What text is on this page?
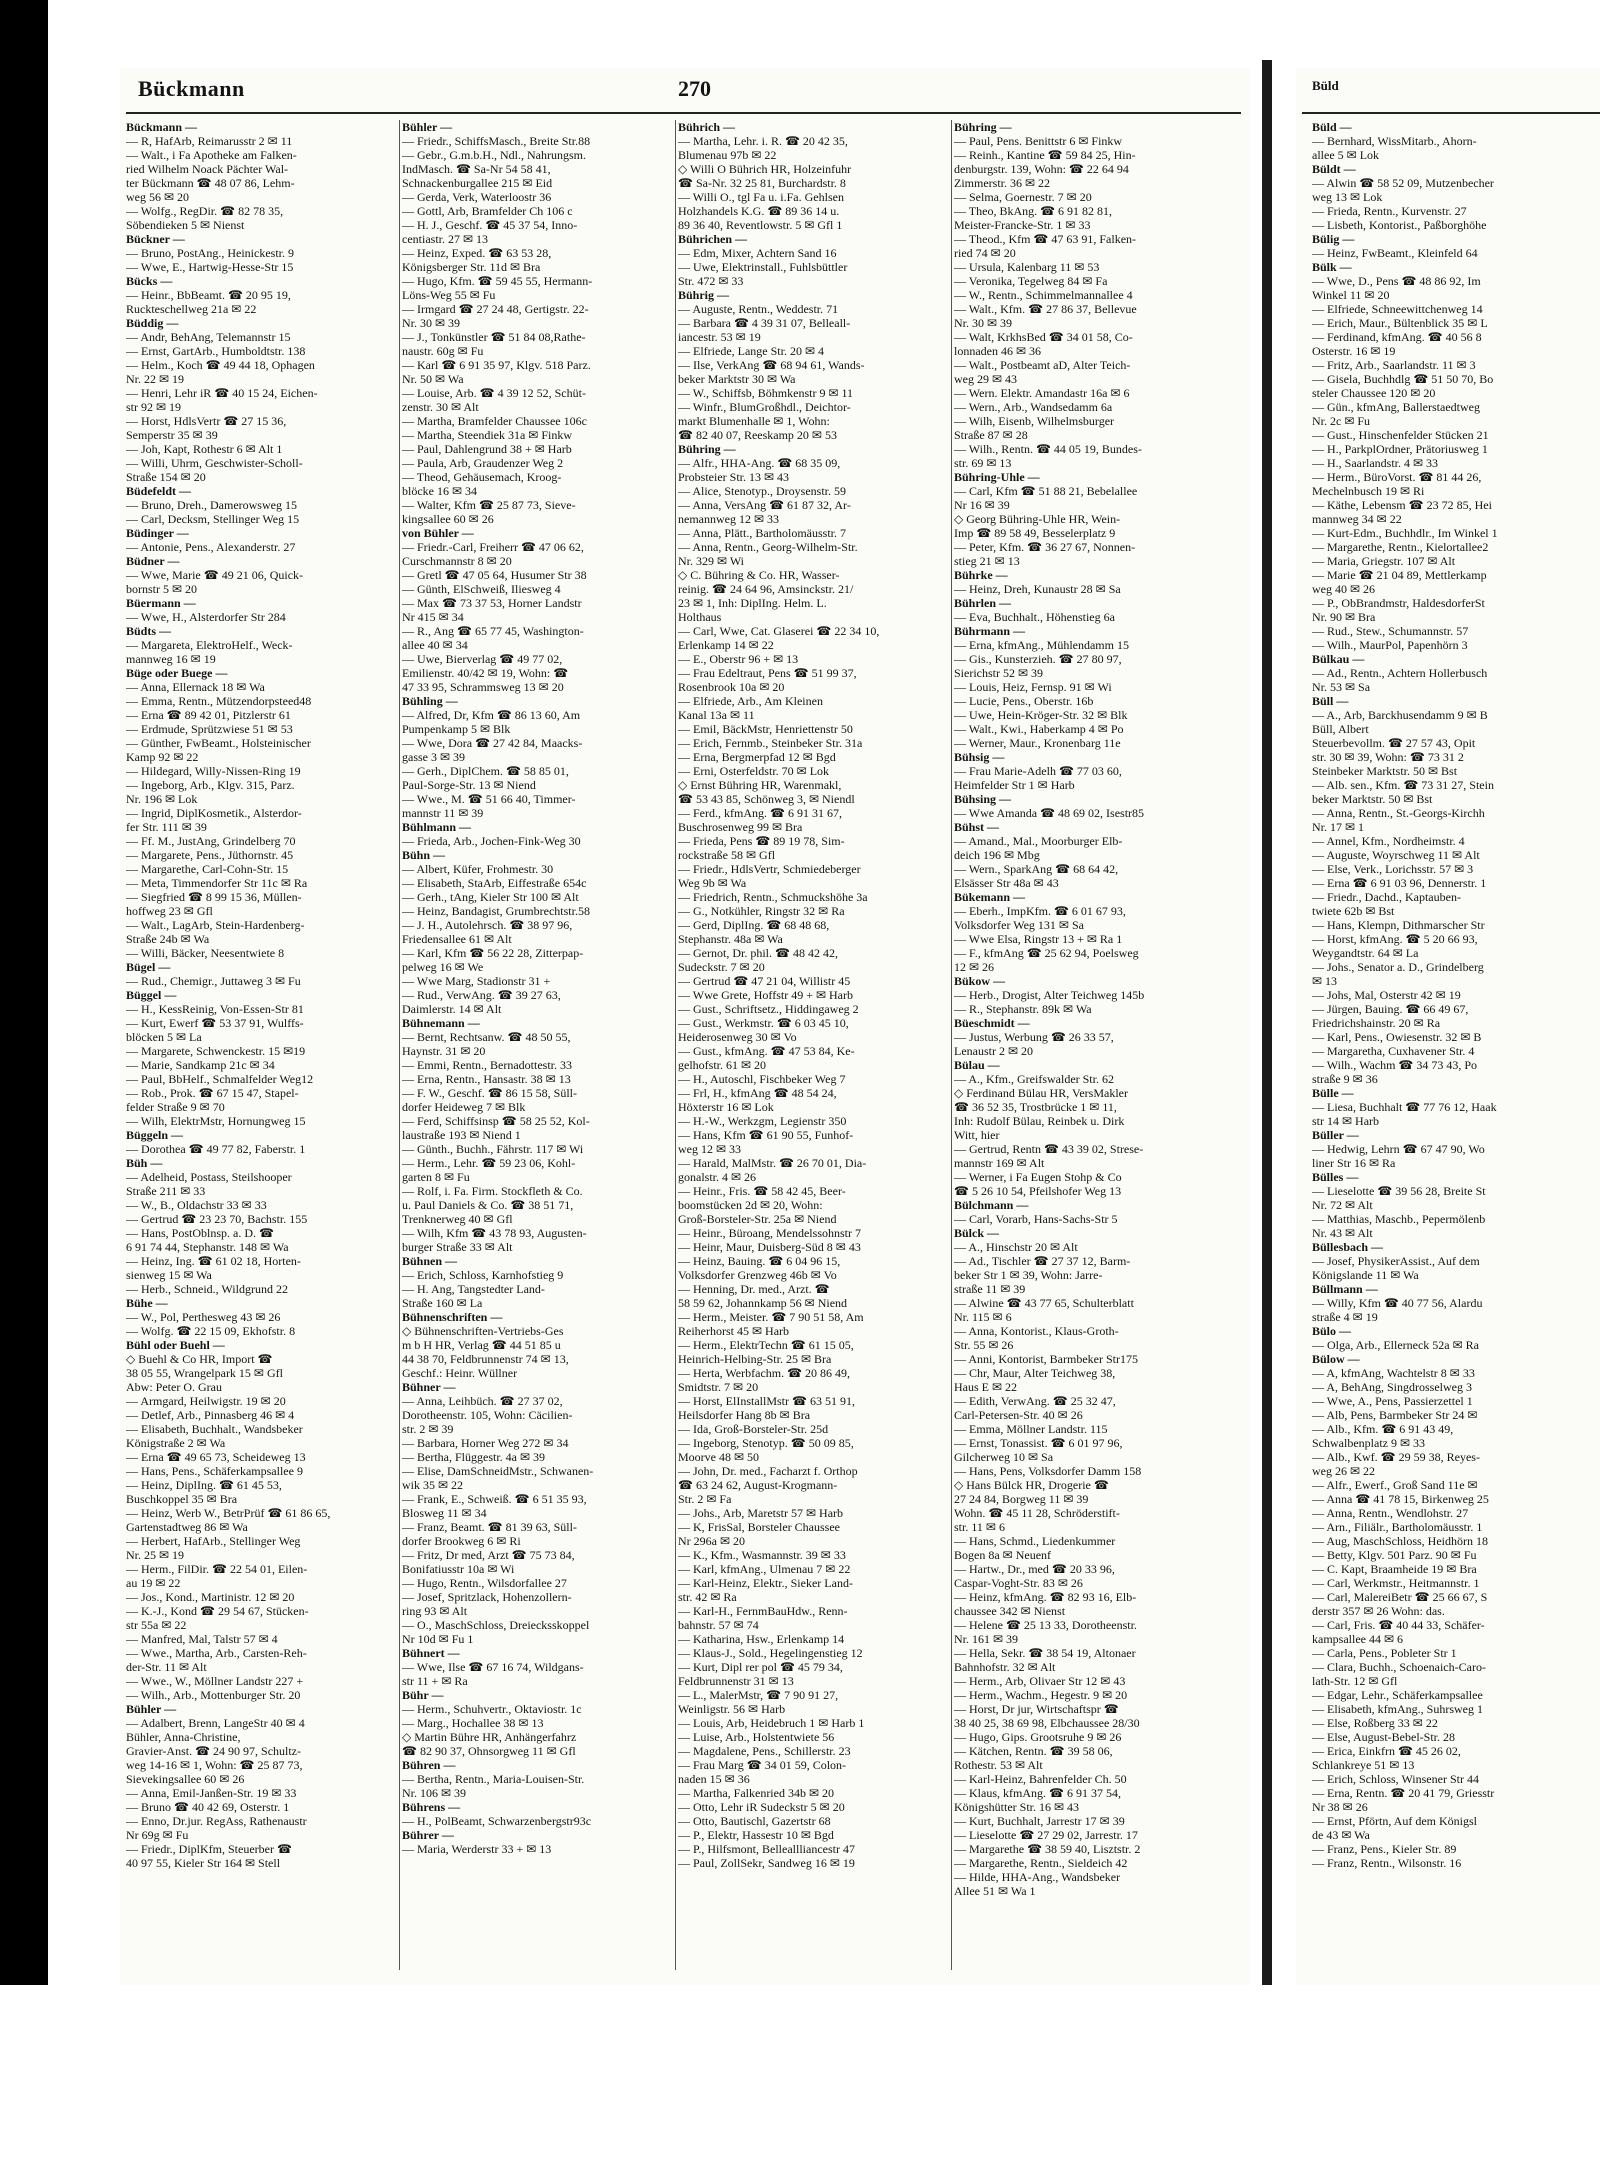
Bückmann	270
Bückmann —
— R, HafArb, Reimarusstr 2 ✉ 11
— Walt., i Fa Apotheke am Falken-
ried Wilhelm Noack Pächter Wal-
ter Bückmann ☎ 48 07 86, Lehm-
weg 56 ✉ 20
— Wolfg., RegDir. ☎ 82 78 35,
Söbendieken 5 ✉ Nienst
Bückner —
— Bruno, PostAng., Heinickestr. 9
— Wwe, E., Hartwig-Hesse-Str 15
Bücks —
— Heinr., BbBeamt. ☎ 20 95 19,
Ruckteschellweg 21a ✉ 22
Büddig —
— Andr, BehAng, Telemannstr 15
— Ernst, GartArb., Humboldtstr. 138
— Helm., Koch ☎ 49 44 18, Ophagen
Nr. 22 ✉ 19
— Henri, Lehr iR ☎ 40 15 24, Eichen-
str 92 ✉ 19
— Horst, HdlsVertr ☎ 27 15 36,
Semperstr 35 ✉ 39
— Joh, Kapt, Rothestr 6 ✉ Alt 1
— Willi, Uhrm, Geschwister-Scholl-
Straße 154 ✉ 20
Büdefeldt —
— Bruno, Dreh., Damerowsweg 15
— Carl, Decksm, Stellinger Weg 15
Büdinger —
— Antonie, Pens., Alexanderstr. 27
Büdner —
— Wwe, Marie ☎ 49 21 06, Quick-
bornstr 5 ✉ 20
Büermann —
— Wwe, H., Alsterdorfer Str 284
Büdts —
— Margareta, ElektroHelf., Weck-
mannweg 16 ✉ 19
Büge oder Buege —
— Anna, Ellernack 18 ✉ Wa
— Emma, Rentn., Mützendorpsteed48
— Erna ☎ 89 42 01, Pitzlerstr 61
— Erdmude, Sprützwiese 51 ✉ 53
— Günther, FwBeamt., Holsteinischer
Kamp 92 ✉ 22
— Hildegard, Willy-Nissen-Ring 19
— Ingeborg, Arb., Klgv. 315, Parz.
Nr. 196 ✉ Lok
— Ingrid, DiplKosmetik., Alsterdor-
fer Str. 111 ✉ 39
— Ff. M., JustAng, Grindelberg 70
— Margarete, Pens., Jüthornstr. 45
— Margarethe, Carl-Cohn-Str. 15
— Meta, Timmendorfer Str 11c ✉ Ra
— Siegfried ☎ 8 99 15 36, Müllen-
hoffweg 23 ✉ Gfl
— Walt., LagArb, Stein-Hardenberg-
Straße 24b ✉ Wa
— Willi, Bäcker, Neesentwiete 8
Bügel —
— Rud., Chemigr., Juttaweg 3 ✉ Fu
Büggel —
— H., KessReinig, Von-Essen-Str 81
— Kurt, Ewerf ☎ 53 37 91, Wulffs-
blöcken 5 ✉ La
— Margarete, Schwenckestr. 15 ✉19
— Marie, Sandkamp 21c ✉ 34
— Paul, BbHelf., Schmalfelder Weg12
— Rob., Prok. ☎ 67 15 47, Stapel-
felder Straße 9 ✉ 70
— Wilh, ElektrMstr, Hornungweg 15
Büggeln —
— Dorothea ☎ 49 77 82, Faberstr. 1
Büh —
— Adelheid, Postass, Steilshooper
Straße 211 ✉ 33
— W., B., Oldachstr 33 ✉ 33
— Gertrud ☎ 23 23 70, Bachstr. 155
— Hans, PostOblnsp. a. D. ☎
6 91 74 44, Stephanstr. 148 ✉ Wa
— Heinz, Ing. ☎ 61 02 18, Horten-
sienweg 15 ✉ Wa
— Herb., Schneid., Wildgrund 22
Bühe —
— W., Pol, Perthesweg 43 ✉ 26
— Wolfg. ☎ 22 15 09, Ekhofstr. 8
Bühl oder Buehl —
◇ Buehl & Co HR, Import ☎
38 05 55, Wrangelpark 15 ✉ Gfl
Abw: Peter O. Grau
— Armgard, Heilwigstr. 19 ✉ 20
— Detlef, Arb., Pinnasberg 46 ✉ 4
— Elisabeth, Buchhalt., Wandsbeker
Königstraße 2 ✉ Wa
— Erna ☎ 49 65 73, Scheideweg 13
— Hans, Pens., Schäferkampsallee 9
— Heinz, DiplIng. ☎ 61 45 53,
Buschkoppel 35 ✉ Bra
— Heinz, Werb W., BetrPrüf ☎ 61 86 65,
Gartenstadtweg 86 ✉ Wa
— Herbert, HafArb., Stellinger Weg
Nr. 25 ✉ 19
— Herm., FilDir. ☎ 22 54 01, Eilen-
au 19 ✉ 22
— Jos., Kond., Martinistr. 12 ✉ 20
— K.-J., Kond ☎ 29 54 67, Stücken-
str 55a ✉ 22
— Manfred, Mal, Talstr 57 ✉ 4
— Wwe., Martha, Arb., Carsten-Reh-
der-Str. 11 ✉ Alt
— Wwe., W., Möllner Landstr 227 +
— Wilh., Arb., Mottenburger Str. 20
Bühler —
— Adalbert, Brenn, LangeStr 40 ✉ 4
Bühler, Anna-Christine,
Gravier-Anst. ☎ 24 90 97, Schultz-
weg 14-16 ✉ 1, Wohn: ☎ 25 87 73,
Sievekingsallee 60 ✉ 26
— Anna, Emil-Janßen-Str. 19 ✉ 33
— Bruno ☎ 40 42 69, Osterstr. 1
— Enno, Dr.jur. RegAss, Rathenaustr
Nr 69g ✉ Fu
— Friedr., DiplKfm, Steuerber ☎
40 97 55, Kieler Str 164 ✉ Stell
Bühler —
— Friedr., SchiffsMasch., Breite Str.88
— Gebr., G.m.b.H., Ndl., Nahrungsm.
IndMasch. ☎ Sa-Nr 54 58 41,
Schnackenburgallee 215 ✉ Eid
— Gerda, Verk, Waterloostr 36
— Gottl, Arb, Bramfelder Ch 106 c
— H. J., Geschf. ☎ 45 37 54, Inno-
centiastr. 27 ✉ 13
— Heinz, Exped. ☎ 63 53 28,
Königsberger Str. 11d ✉ Bra
— Hugo, Kfm. ☎ 59 45 55, Hermann-
Löns-Weg 55 ✉ Fu
— Irmgard ☎ 27 24 48, Gertigstr. 22-
Nr. 30 ✉ 39
— J., Tonkünstler ☎ 51 84 08,Rathe-
naustr. 60g ✉ Fu
— Karl ☎ 6 91 35 97, Klgv. 518 Parz.
Nr. 50 ✉ Wa
— Louise, Arb. ☎ 4 39 12 52, Schüt-
zenstr. 30 ✉ Alt
— Martha, Bramfelder Chaussee 106c
— Martha, Steendiek 31a ✉ Finkw
— Paul, Dahlengrund 38 + ✉ Harb
— Paula, Arb, Graudenzer Weg 2
— Theod, Gehäusemach, Kroog-
blöcke 16 ✉ 34
— Walter, Kfm ☎ 25 87 73, Sieve-
kingsallee 60 ✉ 26
von Bühler —
— Friedr.-Carl, Freiherr ☎ 47 06 62,
Curschmannstr 8 ✉ 20
— Gretl ☎ 47 05 64, Husumer Str 38
— Günth, ElSchweiß, Iliesweg 4
— Max ☎ 73 37 53, Horner Landstr
Nr 415 ✉ 34
— R., Ang ☎ 65 77 45, Washington-
allee 40 ✉ 34
— Uwe, Bierverlag ☎ 49 77 02,
Emilienstr. 40/42 ✉ 19, Wohn: ☎
47 33 95, Schrammsweg 13 ✉ 20
Bühling —
— Alfred, Dr, Kfm ☎ 86 13 60, Am
Pumpenkamp 5 ✉ Blk
— Wwe, Dora ☎ 27 42 84, Maacks-
gasse 3 ✉ 39
— Gerh., DiplChem. ☎ 58 85 01,
Paul-Sorge-Str. 13 ✉ Niend
— Wwe., M. ☎ 51 66 40, Timmer-
mannstr 11 ✉ 39
Bühlmann —
— Frieda, Arb., Jochen-Fink-Weg 30
Bühn —
— Albert, Küfer, Frohmestr. 30
— Elisabeth, StaArb, Eiffestraße 654c
— Gerh., tAng, Kieler Str 100 ✉ Alt
— Heinz, Bandagist, Grumbrechtstr.58
— J. H., Autolehrsch. ☎ 38 97 96,
Friedensallee 61 ✉ Alt
— Karl, Kfm ☎ 56 22 28, Zitterpap-
pelweg 16 ✉ We
— Wwe Marg, Stadionstr 31 +
— Rud., VerwAng. ☎ 39 27 63,
Daimlerstr. 14 ✉ Alt
Bühnemann —
— Bernt, Rechtsanw. ☎ 48 50 55,
Haynstr. 31 ✉ 20
— Emmi, Rentn., Bernadottestr. 33
— Erna, Rentn., Hansastr. 38 ✉ 13
— F. W., Geschf. ☎ 86 15 58, Süll-
dorfer Heideweg 7 ✉ Blk
— Ferd, Schiffsinsp ☎ 58 25 52, Kol-
laustraße 193 ✉ Niend 1
— Günth., Buchh., Fährstr. 117 ✉ Wi
— Herm., Lehr. ☎ 59 23 06, Kohl-
garten 8 ✉ Fu
— Rolf, i. Fa. Firm. Stockfleth & Co.
u. Paul Daniels & Co. ☎ 38 51 71,
Trenknerweg 40 ✉ Gfl
— Wilh, Kfm ☎ 43 78 93, Augusten-
burger Straße 33 ✉ Alt
Bühnen —
— Erich, Schloss, Karnhofstieg 9
— H. Ang, Tangstedter Land-
Straße 160 ✉ La
Bühnenschriften —
◇ Bühnenschriften-Vertriebs-Ges
m b H HR, Verlag ☎ 44 51 85 u
44 38 70, Feldbrunnenstr 74 ✉ 13,
Geschf.: Heinr. Wüllner
Bühner —
— Anna, Leihbüch. ☎ 27 37 02,
Dorotheenstr. 105, Wohn: Cäcilien-
str. 2 ✉ 39
— Barbara, Horner Weg 272 ✉ 34
— Bertha, Flüggestr. 4a ✉ 39
— Elise, DamSchneidMstr., Schwanen-
wik 35 ✉ 22
— Frank, E., Schweiß. ☎ 6 51 35 93,
Blosweg 11 ✉ 34
— Franz, Beamt. ☎ 81 39 63, Süll-
dorfer Brookweg 6 ✉ Ri
— Fritz, Dr med, Arzt ☎ 75 73 84,
Bonifatiusstr 10a ✉ Wi
— Hugo, Rentn., Wilsdorfallee 27
— Josef, Spritzlack, Hohenzollern-
ring 93 ✉ Alt
— O., MaschSchloss, Dreiecksskoppel
Nr 10d ✉ Fu 1
Bühnert —
— Wwe, Ilse ☎ 67 16 74, Wildgans-
str 11 + ✉ Ra
Bühr —
— Herm., Schuhvertr., Oktaviostr. 1c
— Marg., Hochallee 38 ✉ 13
◇ Martin Bühre HR, Anhängerfahrz
☎ 82 90 37, Ohnsorgweg 11 ✉ Gfl
Bühren —
— Bertha, Rentn., Maria-Louisen-Str.
Nr. 106 ✉ 39
Bührens —
— H., PolBeamt, Schwarzenbergstr93c
Bührer —
— Maria, Werderstr 33 + ✉ 13
Bührich —
— Martha, Lehr. i. R. ☎ 20 42 35,
Blumenau 97b ✉ 22
◇ Willi O Bührich HR, Holzeinfuhr
☎ Sa-Nr. 32 25 81, Burchardstr. 8
— Willi O., tgl Fa u. i.Fa. Gehlsen
Holzhandels K.G. ☎ 89 36 14 u.
89 36 40, Reventlowstr. 5 ✉ Gfl 1
Bührichen —
— Edm, Mixer, Achtern Sand 16
— Uwe, Elektrinstall., Fuhlsbüttler
Str. 472 ✉ 33
Bührig —
— Auguste, Rentn., Weddestr. 71
— Barbara ☎ 4 39 31 07, Belleall-
iancestr. 53 ✉ 19
— Elfriede, Lange Str. 20 ✉ 4
— Ilse, VerkAng ☎ 68 94 61, Wands-
beker Marktstr 30 ✉ Wa
— W., Schiffsb, Böhmkenstr 9 ✉ 11
— Winfr., BlumGroßhdl., Deichtor-
markt Blumenhalle ✉ 1, Wohn:
☎ 82 40 07, Reeskamp 20 ✉ 53
Bühring —
— Alfr., HHA-Ang. ☎ 68 35 09,
Probsteier Str. 13 ✉ 43
— Alice, Stenotyp., Droysenstr. 59
— Anna, VersAng ☎ 61 87 32, Ar-
nemannweg 12 ✉ 33
— Anna, Plätt., Bartholomäusstr. 7
— Anna, Rentn., Georg-Wilhelm-Str.
Nr. 329 ✉ Wi
◇ C. Bühring & Co. HR, Wasser-
reinig. ☎ 24 64 96, Amsinckstr. 21/
23 ✉ 1, Inh: DiplIng. Helm. L.
Holthaus
— Carl, Wwe, Cat. Glaserei ☎ 22 34 10,
Erlenkamp 14 ✉ 22
— E., Oberstr 96 + ✉ 13
— Frau Edeltraut, Pens ☎ 51 99 37,
Rosenbrook 10a ✉ 20
— Elfriede, Arb., Am Kleinen
Kanal 13a ✉ 11
— Emil, BäckMstr, Henriettenstr 50
— Erich, Fernmb., Steinbeker Str. 31a
— Erna, Bergmerpfad 12 ✉ Bgd
— Erni, Osterfeldstr. 70 ✉ Lok
◇ Ernst Bühring HR, Warenmakl,
☎ 53 43 85, Schönweg 3, ✉ Niendl
— Ferd., kfmAng. ☎ 6 91 31 67,
Buschrosenweg 99 ✉ Bra
— Frieda, Pens ☎ 89 19 78, Sim-
rockstraße 58 ✉ Gfl
— Friedr., HdlsVertr, Schmiedeberger
Weg 9b ✉ Wa
— Friedrich, Rentn., Schmuckshöhe 3a
— G., Notkühler, Ringstr 32 ✉ Ra
— Gerd, DiplIng. ☎ 68 48 68,
Stephanstr. 48a ✉ Wa
— Gernot, Dr. phil. ☎ 48 42 42,
Sudeckstr. 7 ✉ 20
— Gertrud ☎ 47 21 04, Willistr 45
— Wwe Grete, Hoffstr 49 + ✉ Harb
— Gust., Schriftsetz., Hiddingaweg 2
— Gust., Werkmstr. ☎ 6 03 45 10,
Heiderosenweg 30 ✉ Vo
— Gust., kfmAng. ☎ 47 53 84, Ke-
gelhofstr. 61 ✉ 20
— H., Autoschl, Fischbeker Weg 7
— Frl, H., kfmAng ☎ 48 54 24,
Höxterstr 16 ✉ Lok
— H.-W., Werkzgm, Legienstr 350
— Hans, Kfm ☎ 61 90 55, Funhof-
weg 12 ✉ 33
— Harald, MalMstr. ☎ 26 70 01, Dia-
gonalstr. 4 ✉ 26
— Heinr., Fris. ☎ 58 42 45, Beer-
boomstücken 2d ✉ 20, Wohn:
Groß-Borsteler-Str. 25a ✉ Niend
— Heinr., Büroang, Mendelssohnstr 7
— Heinr, Maur, Duisberg-Süd 8 ✉ 43
— Heinz, Bauing. ☎ 6 04 96 15,
Volksdorfer Grenzweg 46b ✉ Vo
— Henning, Dr. med., Arzt. ☎
58 59 62, Johannkamp 56 ✉ Niend
— Herm., Meister. ☎ 7 90 51 58, Am
Reiherhorst 45 ✉ Harb
— Herm., ElektrTechn ☎ 61 15 05,
Heinrich-Helbing-Str. 25 ✉ Bra
— Herta, Werbfachm. ☎ 20 86 49,
Smidtstr. 7 ✉ 20
— Horst, ElInstallMstr ☎ 63 51 91,
Heilsdorfer Hang 8b ✉ Bra
— Ida, Groß-Borsteler-Str. 25d
— Ingeborg, Stenotyp. ☎ 50 09 85,
Moorve 48 ✉ 50
— John, Dr. med., Facharzt f. Orthop
☎ 63 24 62, August-Krogmann-
Str. 2 ✉ Fa
— Johs., Arb, Maretstr 57 ✉ Harb
— K, FrisSal, Borsteler Chaussee
Nr 296a ✉ 20
— K., Kfm., Wasmannstr. 39 ✉ 33
— Karl, kfmAng., Ulmenau 7 ✉ 22
— Karl-Heinz, Elektr., Sieker Land-
str. 42 ✉ Ra
— Karl-H., FernmBauHdw., Renn-
bahnstr. 57 ✉ 74
— Katharina, Hsw., Erlenkamp 14
— Klaus-J., Sold., Hegelingenstieg 12
— Kurt, Dipl rer pol ☎ 45 79 34,
Feldbrunnenstr 31 ✉ 13
— L., MalerMstr, ☎ 7 90 91 27,
Weinligstr. 56 ✉ Harb
— Louis, Arb, Heidebruch 1 ✉ Harb 1
— Luise, Arb., Holstentwiete 56
— Magdalene, Pens., Schillerstr. 23
— Frau Marg ☎ 34 01 59, Colon-
naden 15 ✉ 36
— Martha, Falkenried 34b ✉ 20
— Otto, Lehr iR Sudeckstr 5 ✉ 20
— Otto, Bautischl, Gazertstr 68
— P., Elektr, Hassestr 10 ✉ Bgd
— P., Hilfsmont, Belleallliancestr 47
— Paul, ZollSekr, Sandweg 16 ✉ 19
Bühring —
— Paul, Pens. Benittstr 6 ✉ Finkw
— Reinh., Kantine ☎ 59 84 25, Hin-
denburgstr. 139, Wohn: ☎ 22 64 94
Zimmerstr. 36 ✉ 22
— Selma, Goernestr. 7 ✉ 20
— Theo, BkAng. ☎ 6 91 82 81,
Meister-Francke-Str. 1 ✉ 33
— Theod., Kfm ☎ 47 63 91, Falken-
ried 74 ✉ 20
— Ursula, Kalenbarg 11 ✉ 53
— Veronika, Tegelweg 84 ✉ Fa
— W., Rentn., Schimmelmannallee 4
— Walt., Kfm. ☎ 27 86 37, Bellevue
Nr. 30 ✉ 39
— Walt, KrkhsBed ☎ 34 01 58, Co-
lonnaden 46 ✉ 36
— Walt., Postbeamt aD, Alter Teich-
weg 29 ✉ 43
— Wern. Elektr. Amandastr 16a ✉ 6
— Wern., Arb., Wandsedamm 6a
— Wilh, Eisenb, Wilhelmsburger
Straße 87 ✉ 28
— Wilh., Rentn. ☎ 44 05 19, Bundes-
str. 69 ✉ 13
Bühring-Uhle —
— Carl, Kfm ☎ 51 88 21, Bebelallee
Nr 16 ✉ 39
◇ Georg Bühring-Uhle HR, Wein-
Imp ☎ 89 58 49, Besselerplatz 9
— Peter, Kfm. ☎ 36 27 67, Nonnen-
stieg 21 ✉ 13
Bührke —
— Heinz, Dreh, Kunaustr 28 ✉ Sa
Bührlen —
— Eva, Buchhalt., Höhenstieg 6a
Bührmann —
— Erna, kfmAng., Mühlendamm 15
— Gis., Kunsterzieh. ☎ 27 80 97,
Sierichstr 52 ✉ 39
— Louis, Heiz, Fernsp. 91 ✉ Wi
— Lucie, Pens., Oberstr. 16b
— Uwe, Hein-Kröger-Str. 32 ✉ Blk
— Walt., Kwi., Haberkamp 4 ✉ Po
— Werner, Maur., Kronenbarg 11e
Bühsig —
— Frau Marie-Adelh ☎ 77 03 60,
Heimfelder Str 1 ✉ Harb
Bühsing —
— Wwe Amanda ☎ 48 69 02, Isestr85
Bühst —
— Amand., Mal., Moorburger Elb-
deich 196 ✉ Mbg
— Wern., SparkAng ☎ 68 64 42,
Elsässer Str 48a ✉ 43
Bükemann —
— Eberh., ImpKfm. ☎ 6 01 67 93,
Volksdorfer Weg 131 ✉ Sa
— Wwe Elsa, Ringstr 13 + ✉ Ra 1
— F., kfmAng ☎ 25 62 94, Poelsweg
12 ✉ 26
Bükow —
— Herb., Drogist, Alter Teichweg 145b
— R., Stephanstr. 89k ✉ Wa
Büeschmidt —
— Justus, Werbung ☎ 26 33 57,
Lenaustr 2 ✉ 20
Bülau —
— A., Kfm., Greifswalder Str. 62
◇ Ferdinand Bülau HR, VersMakler
☎ 36 52 35, Trostbrücke 1 ✉ 11,
Inh: Rudolf Bülau, Reinbek u. Dirk
Witt, hier
— Gertrud, Rentn ☎ 43 39 02, Strese-
mannstr 169 ✉ Alt
— Werner, i Fa Eugen Stohp & Co
☎ 5 26 10 54, Pfeilshofer Weg 13
Bülchmann —
— Carl, Vorarb, Hans-Sachs-Str 5
Bülck —
— A., Hinschstr 20 ✉ Alt
— Ad., Tischler ☎ 27 37 12, Barm-
beker Str 1 ✉ 39, Wohn: Jarre-
straße 11 ✉ 39
— Alwine ☎ 43 77 65, Schulterblatt
Nr. 115 ✉ 6
— Anna, Kontorist., Klaus-Groth-
Str. 55 ✉ 26
— Anni, Kontorist, Barmbeker Str175
— Chr, Maur, Alter Teichweg 38,
Haus E ✉ 22
— Edith, VerwAng. ☎ 25 32 47,
Carl-Petersen-Str. 40 ✉ 26
— Emma, Möllner Landstr. 115
— Ernst, Tonassist. ☎ 6 01 97 96,
Gilcherweg 10 ✉ Sa
— Hans, Pens, Volksdorfer Damm 158
◇ Hans Bülck HR, Drogerie ☎
27 24 84, Borgweg 11 ✉ 39
Wohn. ☎ 45 11 28, Schröderstift-
str. 11 ✉ 6
— Hans, Schmd., Liedenkummer
Bogen 8a ✉ Neuenf
— Hartw., Dr., med ☎ 20 33 96,
Caspar-Voght-Str. 83 ✉ 26
— Heinz, kfmAng. ☎ 82 93 16, Elb-
chaussee 342 ✉ Nienst
— Helene ☎ 25 13 33, Dorotheenstr.
Nr. 161 ✉ 39
— Hella, Sekr. ☎ 38 54 19, Altonaer
Bahnhofstr. 32 ✉ Alt
— Herm., Arb, Olivaer Str 12 ✉ 43
— Herm., Wachm., Hegestr. 9 ✉ 20
— Horst, Dr jur, Wirtschaftspr ☎
38 40 25, 38 69 98, Elbchaussee 28/30
— Hugo, Gips. Grootsruhe 9 ✉ 26
— Kätchen, Rentn. ☎ 39 58 06,
Rothestr. 53 ✉ Alt
— Karl-Heinz, Bahrenfelder Ch. 50
— Klaus, kfmAng. ☎ 6 91 37 54,
Königshütter Str. 16 ✉ 43
— Kurt, Buchhalt, Jarrestr 17 ✉ 39
— Lieselotte ☎ 27 29 02, Jarrestr. 17
— Margarethe ☎ 38 59 40, Lisztstr. 2
— Margarethe, Rentn., Sieldeich 42
— Hilde, HHA-Ang., Wandsbeker
Allee 51 ✉ Wa 1
Büld
Büld —
— Bernhard, WissMitarb., Ahorn-
allee 5 ✉ Lok
Büldt —
— Alwin ☎ 58 52 09, Mutzenbecher
weg 13 ✉ Lok
— Frieda, Rentn., Kurvenstr. 27
— Lisbeth, Kontorist., Paßborghöhe
Bülig —
— Heinz, FwBeamt., Kleinfeld 64
Bülk —
— Wwe, D., Pens ☎ 48 86 92, Im
Winkel 11 ✉ 20
— Elfriede, Schneewittchenweg 14
— Erich, Maur., Bültenblick 35 ✉ L
— Ferdinand, kfmAng. ☎ 40 56 8
Osterstr. 16 ✉ 19
— Fritz, Arb., Saarlandstr. 11 ✉ 3
— Gisela, Buchhdlg ☎ 51 50 70, Bo
steler Chaussee 120 ✉ 20
— Gün., kfmAng, Ballerstaedtweg
Nr. 2c ✉ Fu
— Gust., Hinschenfelder Stücken 21
— H., ParkplOrdner, Prätoriusweg 1
— H., Saarlandstr. 4 ✉ 33
— Herm., BüroVorst. ☎ 81 44 26,
Mechelnbusch 19 ✉ Ri
— Käthe, Lebensm ☎ 23 72 85, Hei
mannweg 34 ✉ 22
— Kurt-Edm., Buchhdlr., Im Winkel 1
— Margarethe, Rentn., Kielortallee2
— Maria, Griegstr. 107 ✉ Alt
— Marie ☎ 21 04 89, Mettlerkamp
weg 40 ✉ 26
— P., ObBrandmstr, HaldesdorferSt
Nr. 90 ✉ Bra
— Rud., Stew., Schumannstr. 57
— Wilh., MaurPol, Papenhörn 3
Bülkau —
— Ad., Rentn., Achtern Hollerbusch
Nr. 53 ✉ Sa
Büll —
— A., Arb, Barckhusendamm 9 ✉ B
Büll, Albert
Steuerbevollm. ☎ 27 57 43, Opit
str. 30 ✉ 39, Wohn: ☎ 73 31 2
Steinbeker Marktstr. 50 ✉ Bst
— Alb. sen., Kfm. ☎ 73 31 27, Stein
beker Marktstr. 50 ✉ Bst
— Anna, Rentn., St.-Georgs-Kirchh
Nr. 17 ✉ 1
— Annel, Kfm., Nordheimstr. 4
— Auguste, Woyrschweg 11 ✉ Alt
— Else, Verk., Lorichsstr. 57 ✉ 3
— Erna ☎ 6 91 03 96, Dennerstr. 1
— Friedr., Dachd., Kaptauben-
twiete 62b ✉ Bst
— Hans, Klempn, Dithmarscher Str
— Horst, kfmAng. ☎ 5 20 66 93,
Weygandtstr. 64 ✉ La
— Johs., Senator a. D., Grindelberg
✉ 13
— Johs, Mal, Osterstr 42 ✉ 19
— Jürgen, Bauing. ☎ 66 49 67,
Friedrichshainstr. 20 ✉ Ra
— Karl, Pens., Owiesenstr. 32 ✉ B
— Margaretha, Cuxhavener Str. 4
— Wilh., Wachm ☎ 34 73 43, Po
straße 9 ✉ 36
Bülle —
— Liesa, Buchhalt ☎ 77 76 12, Haak
str 14 ✉ Harb
Büller —
— Hedwig, Lehrn ☎ 67 47 90, Wo
liner Str 16 ✉ Ra
Bülles —
— Lieselotte ☎ 39 56 28, Breite St
Nr. 72 ✉ Alt
— Matthias, Maschb., Pepermölenb
Nr. 43 ✉ Alt
Büllesbach —
— Josef, PhysikerAssist., Auf dem
Königslande 11 ✉ Wa
Büllmann —
— Willy, Kfm ☎ 40 77 56, Alardu
straße 4 ✉ 19
Bülo —
— Olga, Arb., Ellerneck 52a ✉ Ra
Bülow —
— A, kfmAng, Wachtelstr 8 ✉ 33
— A, BehAng, Singdrosselweg 3
— Wwe, A., Pens, Passierzettel 1
— Alb, Pens, Barmbeker Str 24 ✉
— Alb., Kfm. ☎ 6 91 43 49,
Schwalbenplatz 9 ✉ 33
— Alb., Kwf. ☎ 29 59 38, Reyes-
weg 26 ✉ 22
— Alfr., Ewerf., Groß Sand 11e ✉
— Anna ☎ 41 78 15, Birkenweg 25
— Anna, Rentn., Wendlohstr. 27
— Arn., Filiälr., Bartholomäusstr. 1
— Aug, MaschSchloss, Heidhörn 18
— Betty, Klgv. 501 Parz. 90 ✉ Fu
— C. Kapt, Braamheide 19 ✉ Bra
— Carl, Werkmstr., Heitmannstr. 1
— Carl, MalereiBetr ☎ 25 66 67, S
derstr 357 ✉ 26 Wohn: das.
— Carl, Fris. ☎ 40 44 33, Schäfer-
kampsallee 44 ✉ 6
— Carla, Pens., Pobleter Str 1
— Clara, Buchh., Schoenaich-Caro-
lath-Str. 12 ✉ Gfl
— Edgar, Lehr., Schäferkampsallee
— Elisabeth, kfmAng., Suhrsweg 1
— Else, Roßberg 33 ✉ 22
— Else, August-Bebel-Str. 28
— Erica, Einkfrn ☎ 45 26 02,
Schlankreye 51 ✉ 13
— Erich, Schloss, Winsener Str 44
— Erna, Rentn. ☎ 20 41 79, Griesstr
Nr 38 ✉ 26
— Ernst, Pförtn, Auf dem Königsl
de 43 ✉ Wa
— Franz, Pens., Kieler Str. 89
— Franz, Rentn., Wilsonstr. 16
